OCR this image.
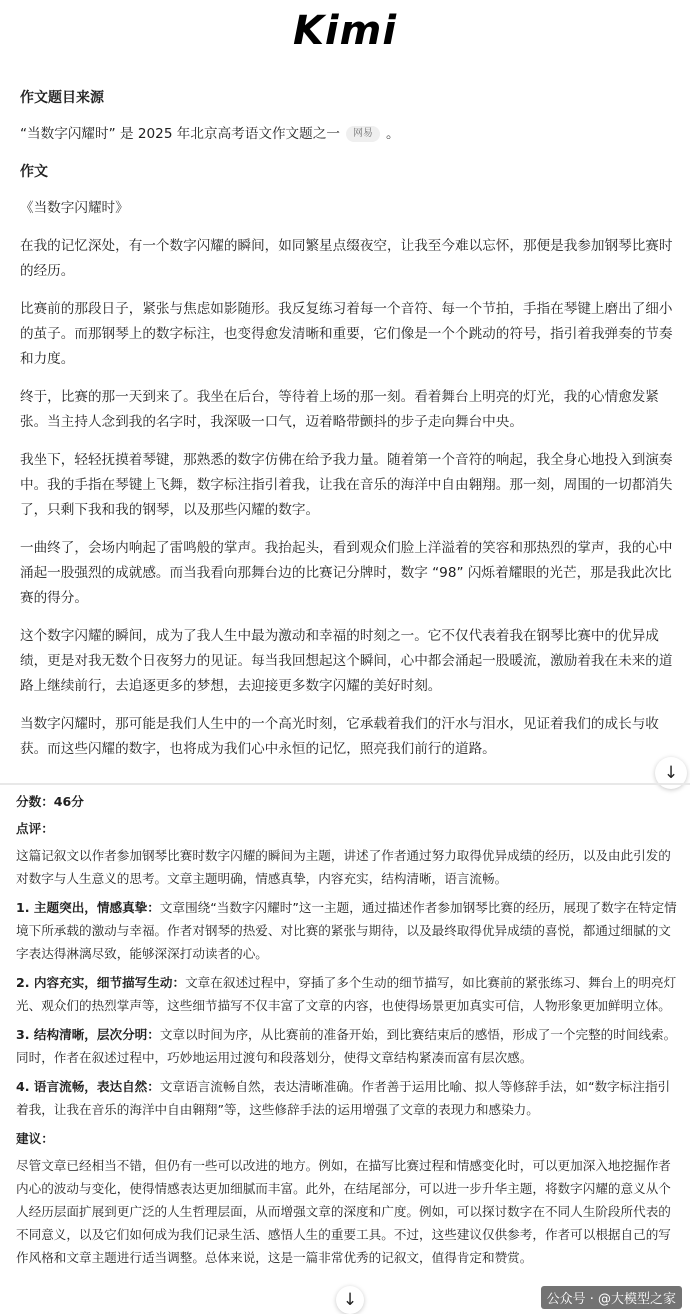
Kimi
作文题目来源

“当数字闪耀时” 是 2025 年北京高考语文作文题之一 网易 。

作文

《当数字闪耀时》

在我的记忆深处，有一个数字闪耀的瞬间，如同繁星点缀夜空，让我至今难以忘怀，那便是我参加钢琴比赛时的经历。

比赛前的那段日子，紧张与焦虑如影随形。我反复练习着每一个音符、每一个节拍，手指在琴键上磨出了细小的茧子。而那钢琴上的数字标注，也变得愈发清晰和重要，它们像是一个个跳动的符号，指引着我弹奏的节奏和力度。

终于，比赛的那一天到来了。我坐在后台，等待着上场的那一刻。看着舞台上明亮的灯光，我的心情愈发紧张。当主持人念到我的名字时，我深吸一口气，迈着略带颤抖的步子走向舞台中央。

我坐下，轻轻抚摸着琴键，那熟悉的数字仿佛在给予我力量。随着第一个音符的响起，我全身心地投入到演奏中。我的手指在琴键上飞舞，数字标注指引着我，让我在音乐的海洋中自由翱翔。那一刻，周围的一切都消失了，只剩下我和我的钢琴，以及那些闪耀的数字。

一曲终了，会场内响起了雷鸣般的掌声。我抬起头，看到观众们脸上洋溢着的笑容和那热烈的掌声，我的心中涌起一股强烈的成就感。而当我看向那舞台边的比赛记分牌时，数字 “98” 闪烁着耀眼的光芒，那是我此次比赛的得分。

这个数字闪耀的瞬间，成为了我人生中最为激动和幸福的时刻之一。它不仅代表着我在钢琴比赛中的优异成绩，更是对我无数个日夜努力的见证。每当我回想起这个瞬间，心中都会涌起一股暖流，激励着我在未来的道路上继续前行，去追逐更多的梦想，去迎接更多数字闪耀的美好时刻。

当数字闪耀时，那可能是我们人生中的一个高光时刻，它承载着我们的汗水与泪水，见证着我们的成长与收获。而这些闪耀的数字，也将成为我们心中永恒的记忆，照亮我们前行的道路。

↓
分数：46分
点评：

这篇记叙文以作者参加钢琴比赛时数字闪耀的瞬间为主题，讲述了作者通过努力取得优异成绩的经历，以及由此引发的对数字与人生意义的思考。文章主题明确，情感真挚，内容充实，结构清晰，语言流畅。

1. 主题突出，情感真挚：文章围绕“当数字闪耀时”这一主题，通过描述作者参加钢琴比赛的经历，展现了数字在特定情境下所承载的激动与幸福。作者对钢琴的热爱、对比赛的紧张与期待，以及最终取得优异成绩的喜悦，都通过细腻的文字表达得淋漓尽致，能够深深打动读者的心。

2. 内容充实，细节描写生动：文章在叙述过程中，穿插了多个生动的细节描写，如比赛前的紧张练习、舞台上的明亮灯光、观众们的热烈掌声等，这些细节描写不仅丰富了文章的内容，也使得场景更加真实可信，人物形象更加鲜明立体。

3. 结构清晰，层次分明：文章以时间为序，从比赛前的准备开始，到比赛结束后的感悟，形成了一个完整的时间线索。同时，作者在叙述过程中，巧妙地运用过渡句和段落划分，使得文章结构紧凑而富有层次感。

4. 语言流畅，表达自然：文章语言流畅自然，表达清晰准确。作者善于运用比喻、拟人等修辞手法，如“数字标注指引着我，让我在音乐的海洋中自由翱翔”等，这些修辞手法的运用增强了文章的表现力和感染力。

建议：

尽管文章已经相当不错，但仍有一些可以改进的地方。例如，在描写比赛过程和情感变化时，可以更加深入地挖掘作者内心的波动与变化，使得情感表达更加细腻而丰富。此外，在结尾部分，可以进一步升华主题，将数字闪耀的意义从个人经历层面扩展到更广泛的人生哲理层面，从而增强文章的深度和广度。例如，可以探讨数字在不同人生阶段所代表的不同意义，以及它们如何成为我们记录生活、感悟人生的重要工具。不过，这些建议仅供参考，作者可以根据自己的写作风格和文章主题进行适当调整。总体来说，这是一篇非常优秀的记叙文，值得肯定和赞赏。

↓	公众号 · @大模型之家
